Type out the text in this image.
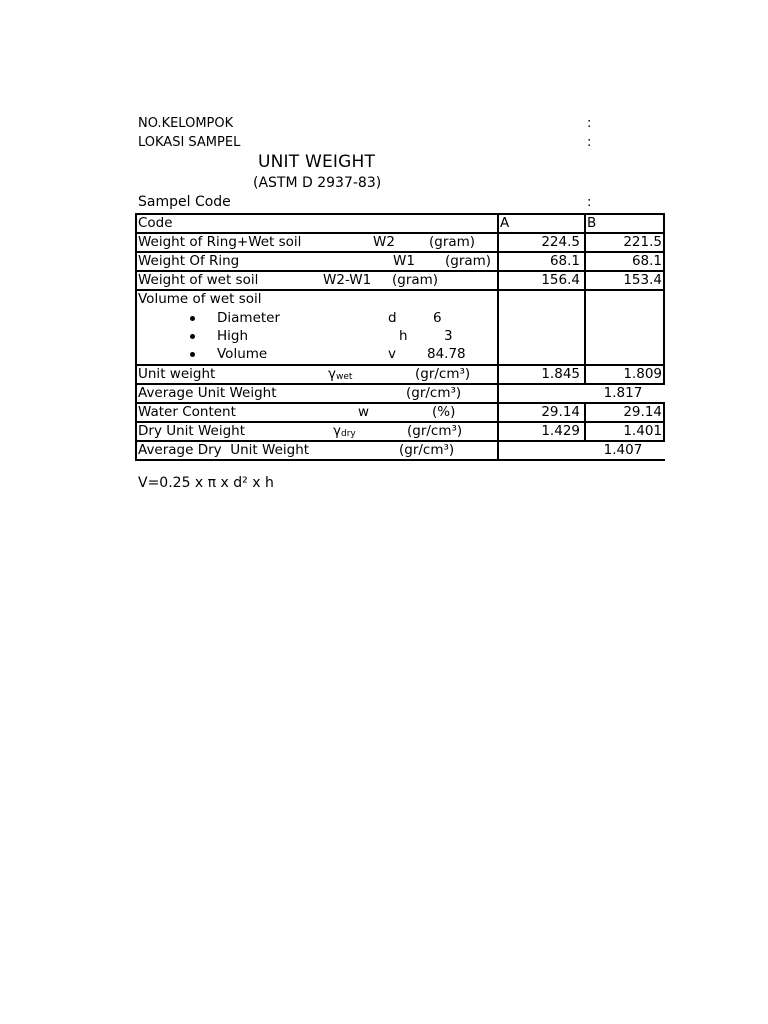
NO.KELOMPOK	:
LOKASI SAMPEL	:
UNIT WEIGHT
(ASTM D 2937-83)
Sampel Code	:
Code	A	B
Weight of Ring+Wet soil	W2	(gram)	224.5	221.5
Weight Of Ring	W1 (gram)	68.1	68.1
Weight of wet soil	W2-W1 (gram)	156.4	153.4
Volume of wet soil
Diameter	d	6
High	h	3
Volume	v 84.78
Unit weight	$\gamma_{wet}$	(gr/cm³)	1.845	1.809
Average Unit Weight	(gr/cm³)	1.817
Water Content	w	(%)	29.14	29.14
Dry Unit Weight	$\gamma_{dry}$	(gr/cm³)	1.429	1.401
Average Dry  Unit Weight	(gr/cm³)	1.407
V=0.25 x π x d² x h
